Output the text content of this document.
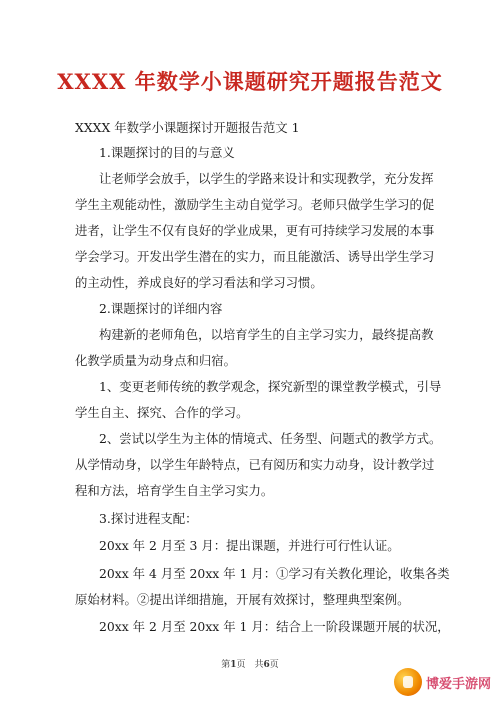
XXXX 年数学小课题研究开题报告范文
XXXX 年数学小课题探讨开题报告范文 1
1.课题探讨的目的与意义
让老师学会放手，以学生的学路来设计和实现教学，充分发挥
学生主观能动性，激励学生主动自觉学习。老师只做学生学习的促
进者，让学生不仅有良好的学业成果，更有可持续学习发展的本事
学会学习。开发出学生潜在的实力，而且能激活、诱导出学生学习
的主动性，养成良好的学习看法和学习习惯。
2.课题探讨的详细内容
构建新的老师角色，以培育学生的自主学习实力，最终提高教
化教学质量为动身点和归宿。
1、变更老师传统的教学观念，探究新型的课堂教学模式，引导
学生自主、探究、合作的学习。
2、尝试以学生为主体的情境式、任务型、问题式的教学方式。
从学情动身，以学生年龄特点，已有阅历和实力动身，设计教学过
程和方法，培育学生自主学习实力。
3.探讨进程支配：
20xx 年 2 月至 3 月：提出课题，并进行可行性认证。
20xx 年 4 月至 20xx 年 1 月：①学习有关教化理论，收集各类
原始材料。②提出详细措施，开展有效探讨，整理典型案例。
20xx 年 2 月至 20xx 年 1 月：结合上一阶段课题开展的状况，
第1页　共6页
博爱手游网
